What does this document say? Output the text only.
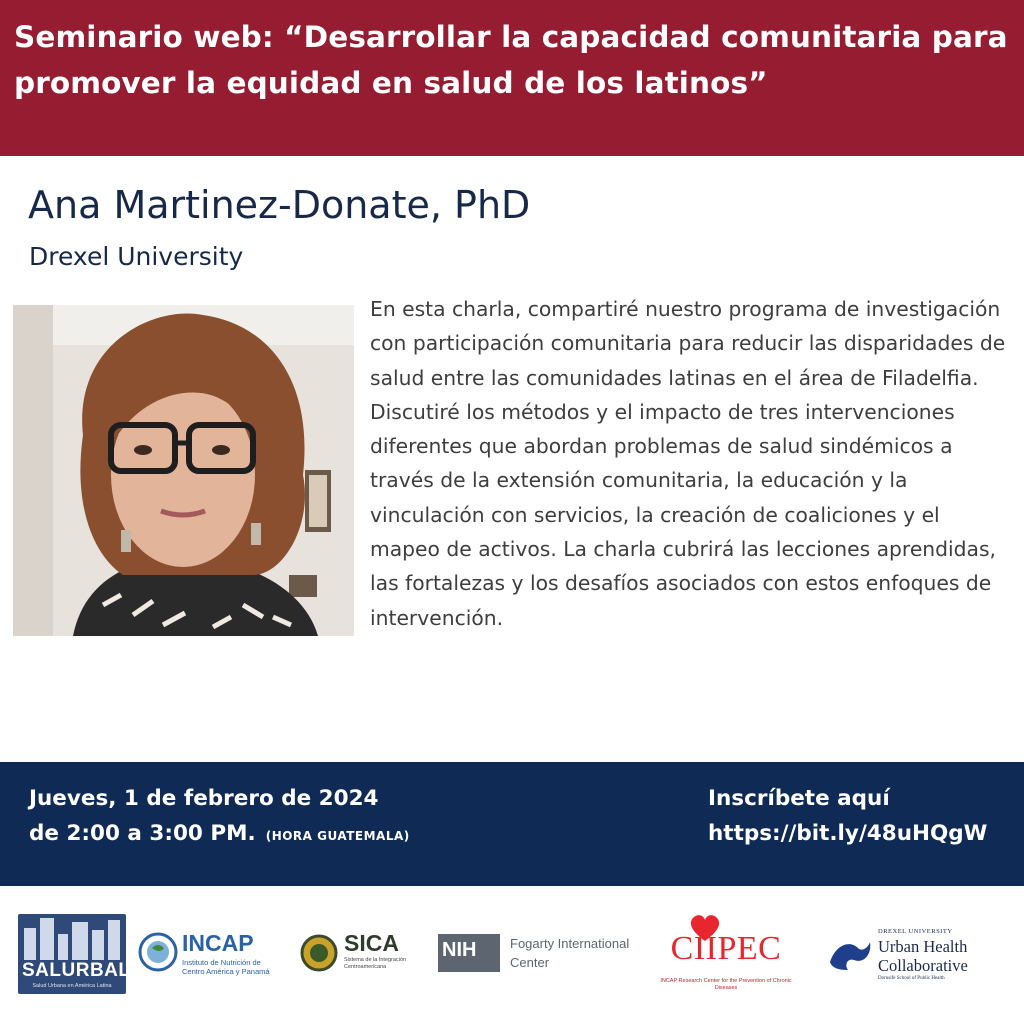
Seminario web: “Desarrollar la capacidad comunitaria para promover la equidad en salud de los latinos”
Ana Martinez-Donate, PhD
Drexel University
En esta charla, compartiré nuestro programa de investigación con participación comunitaria para reducir las disparidades de salud entre las comunidades latinas en el área de Filadelfia. Discutiré los métodos y el impacto de tres intervenciones diferentes que abordan problemas de salud sindémicos a través de la extensión comunitaria, la educación y la vinculación con servicios, la creación de coaliciones y el mapeo de activos. La charla cubrirá las lecciones aprendidas, las fortalezas y los desafíos asociados con estos enfoques de intervención.
Jueves, 1 de febrero de 2024
de 2:00 a 3:00 PM. (HORA GUATEMALA)
Inscríbete aquí
https://bit.ly/48uHQgW
SALURBAL
Salud Urbana en América Latina
INCAP
Instituto de Nutrición de Centro América y Panamá
SICA
Sistema de la Integración Centroamericana
NIH	Fogarty International Center	CIIPEC
INCAP Research Center for the Prevention of Chronic Diseases
DREXEL UNIVERSITY
Urban Health Collaborative
Dornsife School of Public Health
